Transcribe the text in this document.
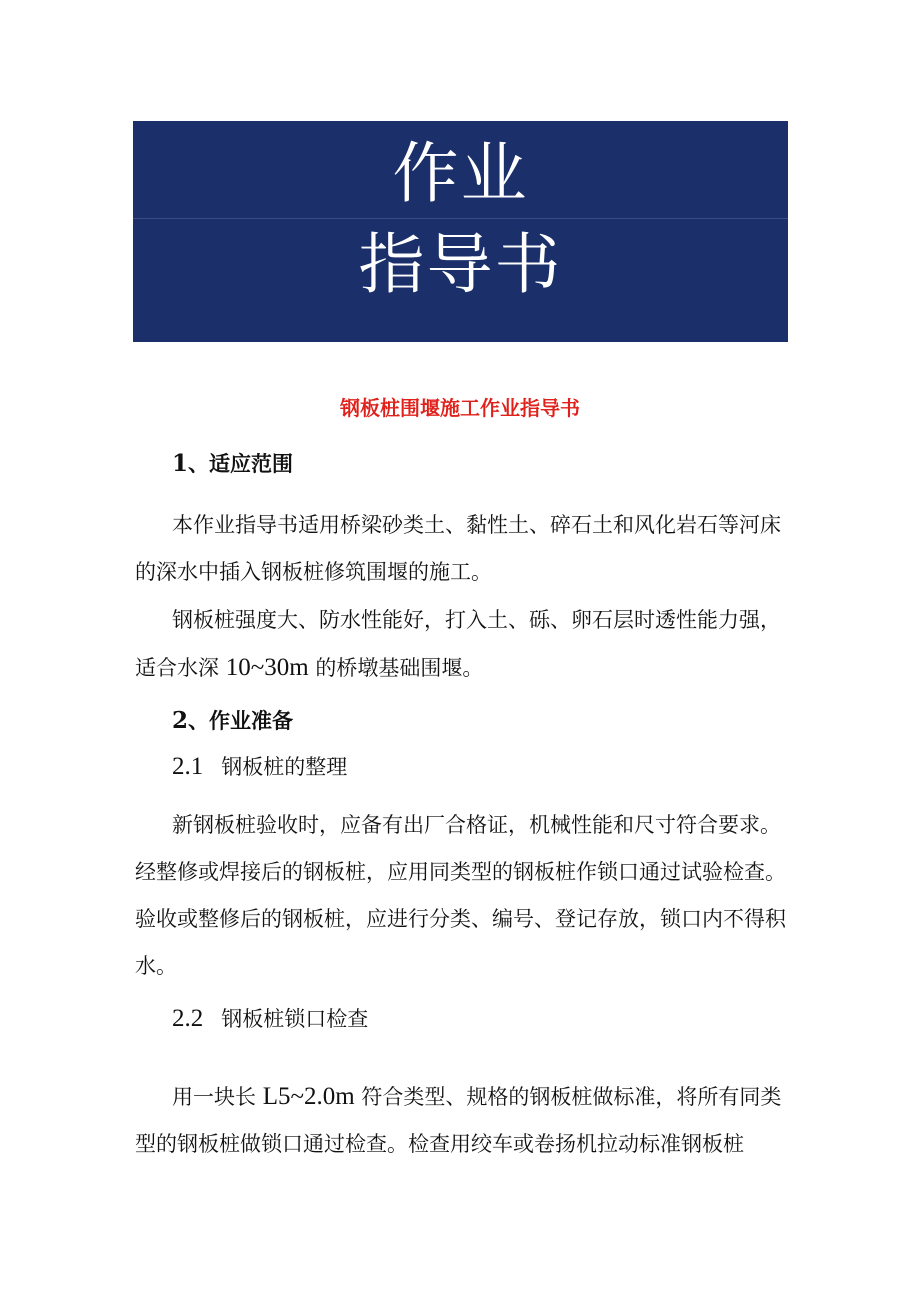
作业
指导书
钢板桩围堰施工作业指导书
1、适应范围

本作业指导书适用桥梁砂类土、黏性土、碎石土和风化岩石等河床的深水中插入钢板桩修筑围堰的施工。

钢板桩强度大、防水性能好，打入土、砾、卵石层时透性能力强，适合水深 10~30m 的桥墩基础围堰。

2、作业准备
2.1 钢板桩的整理

新钢板桩验收时，应备有出厂合格证，机械性能和尺寸符合要求。经整修或焊接后的钢板桩，应用同类型的钢板桩作锁口通过试验检查。验收或整修后的钢板桩，应进行分类、编号、登记存放，锁口内不得积水。

2.2 钢板桩锁口检查

用一块长 L5~2.0m 符合类型、规格的钢板桩做标准，将所有同类型的钢板桩做锁口通过检查。检查用绞车或卷扬机拉动标准钢板桩
